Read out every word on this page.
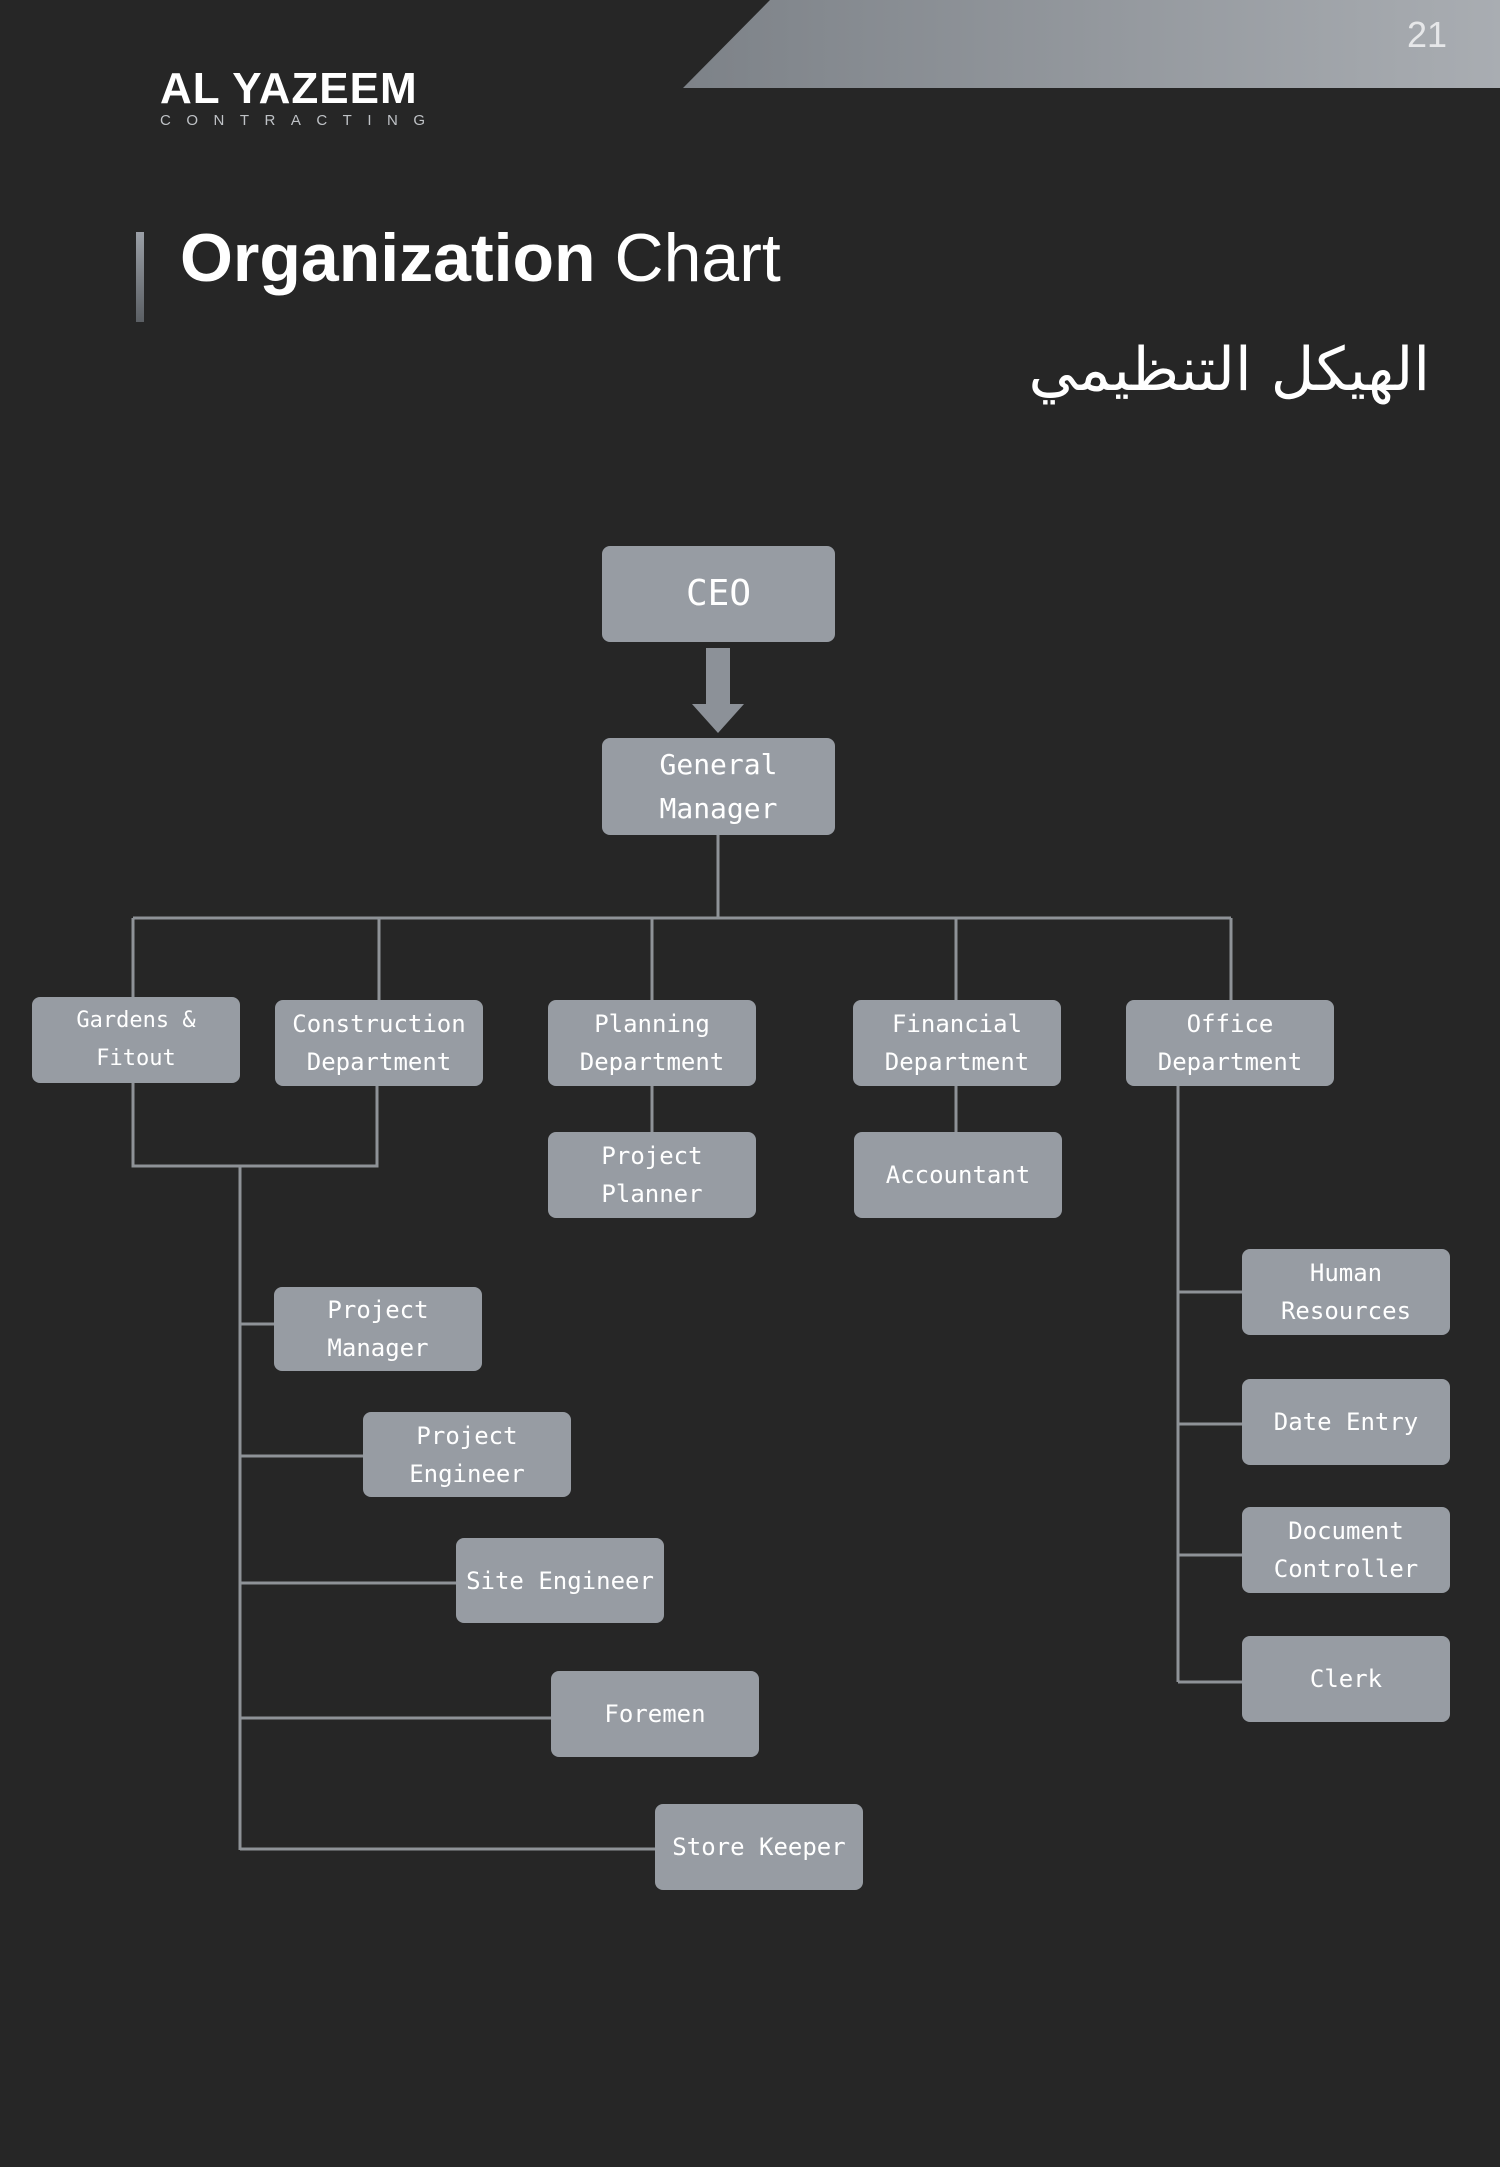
21
AL YAZEEM
CONTRACTING
Organization Chart
الهيكل التنظيمي
CEO
General Manager
Gardens & Fitout
Construction Department
Planning Department
Financial Department
Office Department
Project Planner
Accountant
Project Manager
Project Engineer
Site Engineer
Foremen
Store Keeper
Human Resources
Date Entry
Document Controller
Clerk
